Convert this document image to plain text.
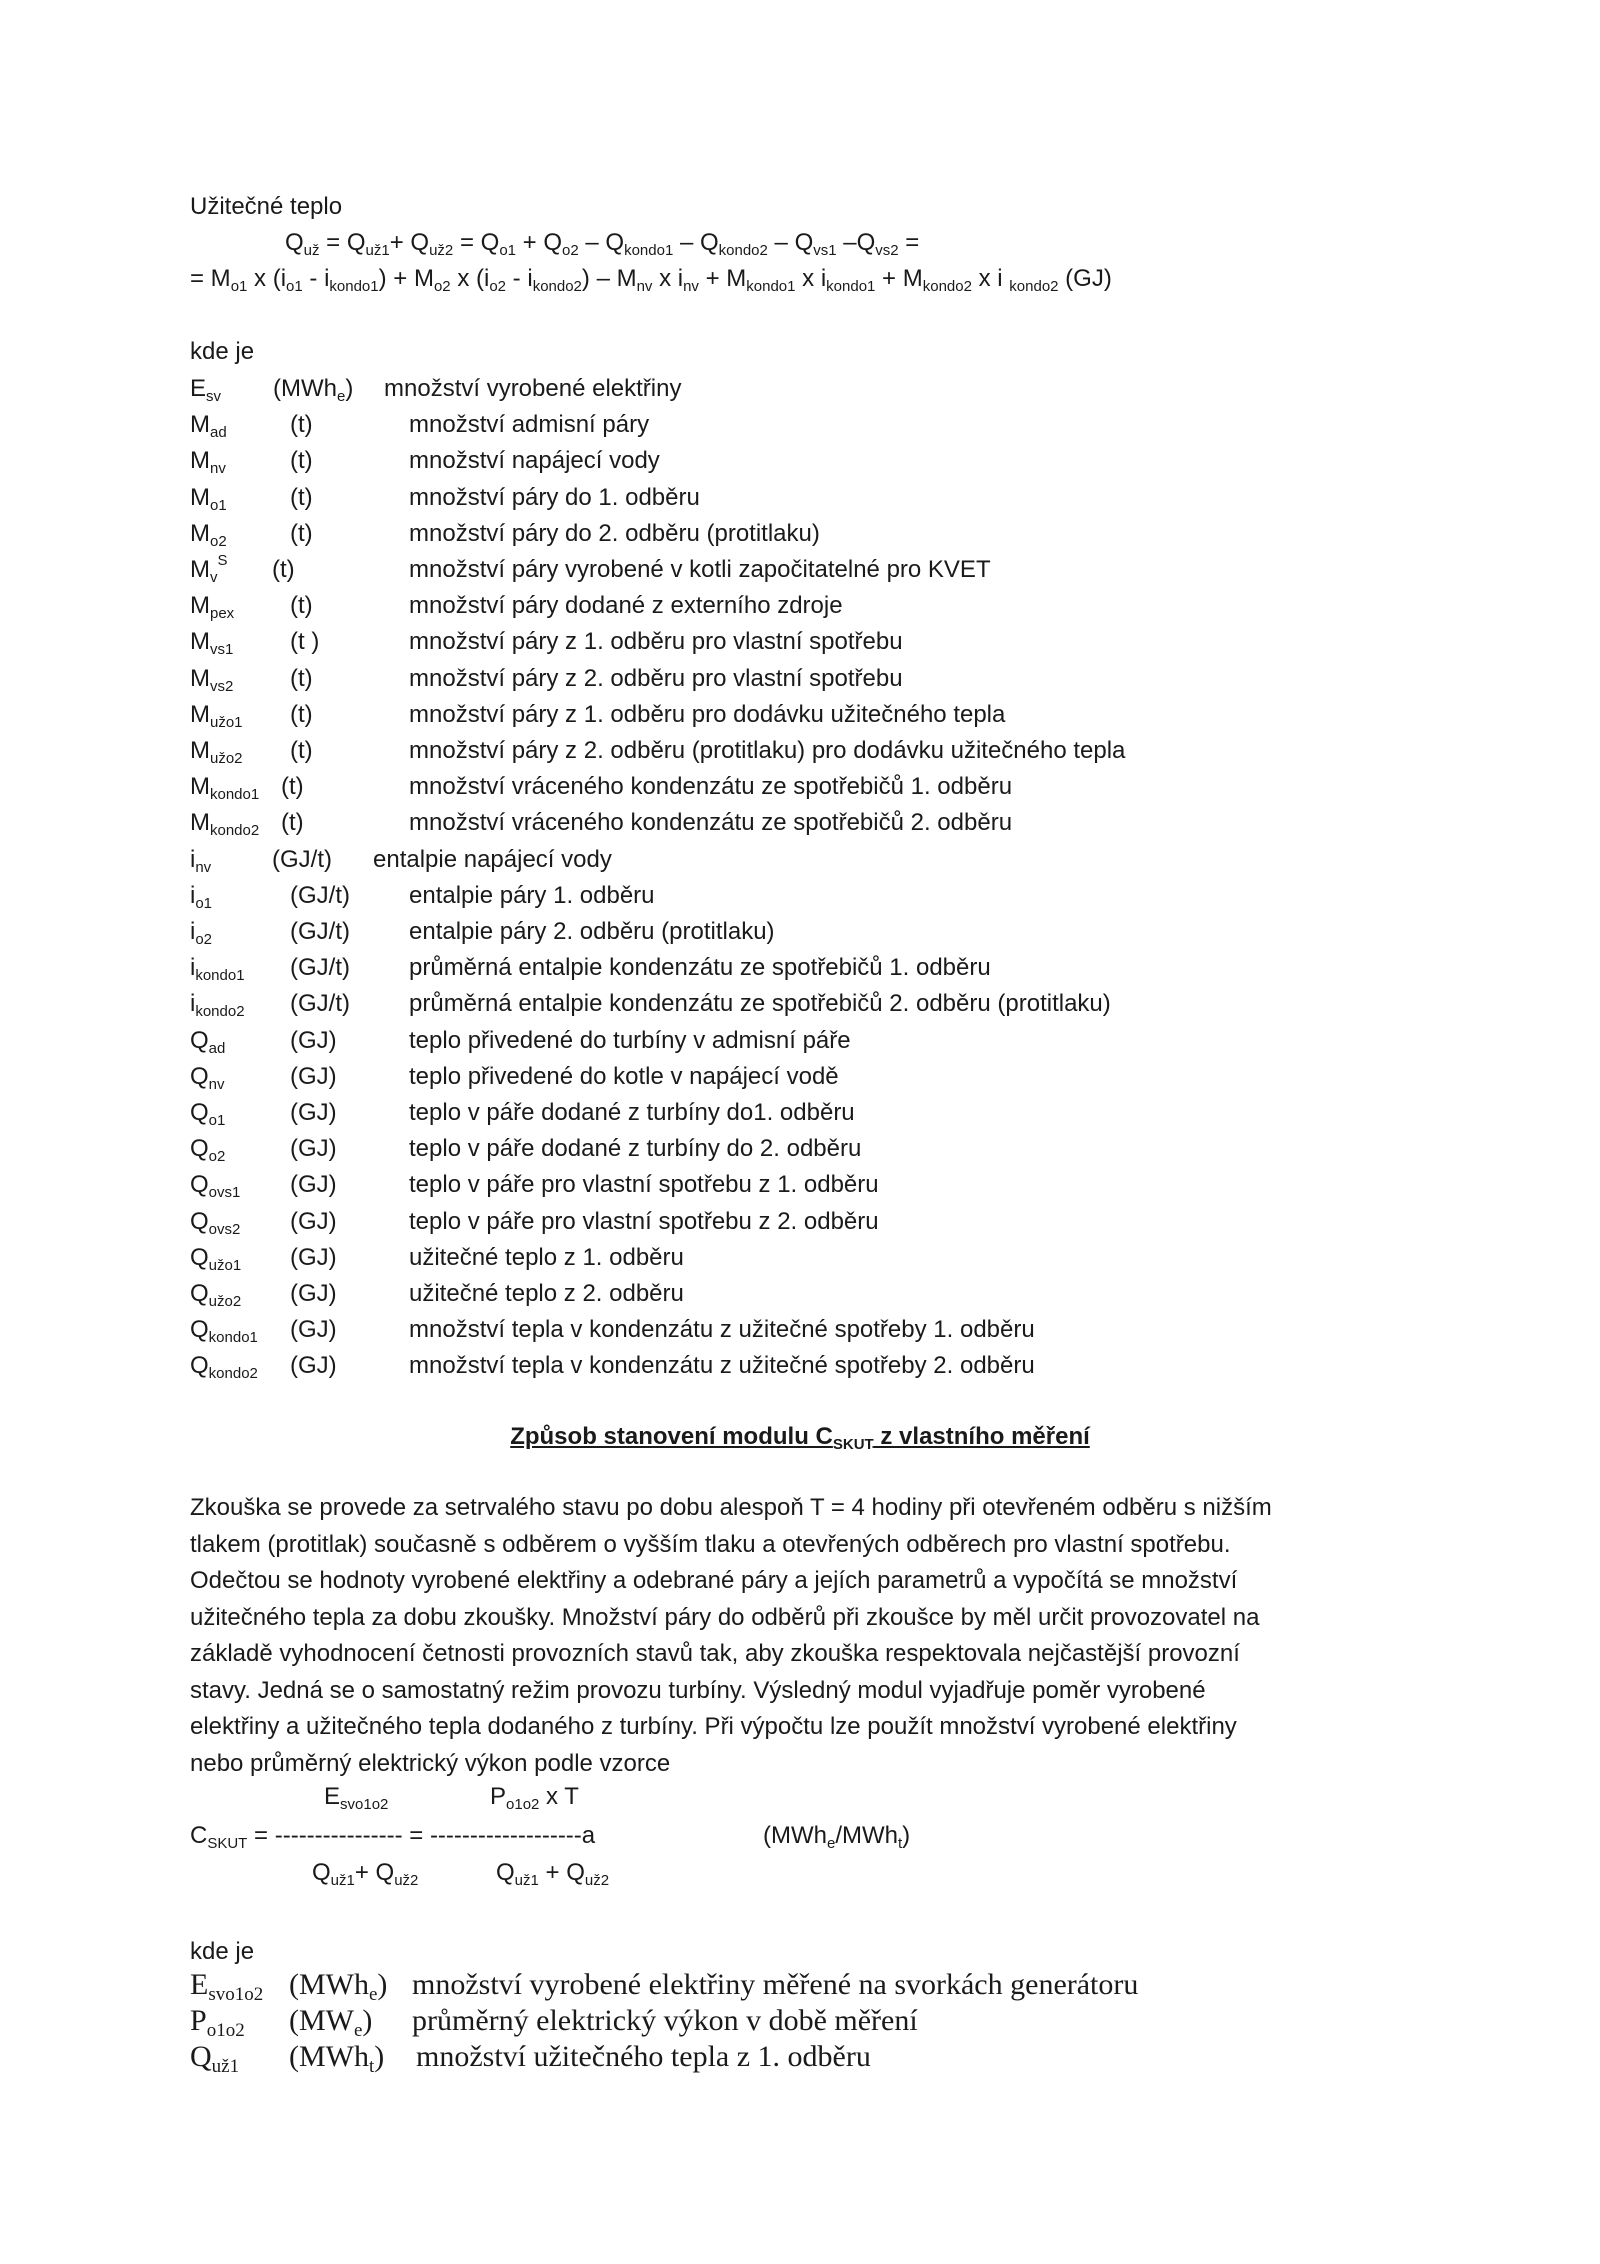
Užitečné teplo
$Q_{už} = Q_{už1}+ Q_{už2} = Q_{o1} + Q_{o2} - Q_{kondo1} - Q_{kondo2} - Q_{vs1}$ $-Q_{vs2}$ =
= $M_{o1}$ x $(i_{o1} - i_{kondo1}) + M_{o2}$ x $(i_{o2} - i_{kondo2}) - M_{nv}$ x $i_{nv} + M_{kondo1}$ x $i_{kondo1} + M_{kondo2}$ x i $_{kondo2}$ (GJ)
kde je
$E_{sv}$ (MWh$_e$) množství vyrobené elektřiny
$M_{ad}$	(t)	množství admisní páry
$M_{nv}$	(t)	množství napájecí vody
$M_{o1}$	(t)	množství páry do 1. odběru
$M_{o2}$	(t)	množství páry do 2. odběru (protitlaku)
$M_v^S$ (t)	množství páry vyrobené v kotli započitatelné pro KVET
$M_{pex}$ (t)	množství páry dodané z externího zdroje
$M_{vs1}$ (t )	množství páry z 1. odběru pro vlastní spotřebu
$M_{vs2}$ (t)	množství páry z 2. odběru pro vlastní spotřebu
$M_{užo1}$ (t)	množství páry z 1. odběru pro dodávku užitečného tepla
$M_{užo2}$ (t)	množství páry z 2. odběru (protitlaku) pro dodávku užitečného tepla
$M_{kondo1}$ (t)	množství vráceného kondenzátu ze spotřebičů 1. odběru
$M_{kondo2}$ (t)	množství vráceného kondenzátu ze spotřebičů 2. odběru
$i_{nv}$	(GJ/t) entalpie napájecí vody
$i_{o1}$	(GJ/t) entalpie páry 1. odběru
$i_{o2}$	(GJ/t) entalpie páry 2. odběru (protitlaku)
$i_{kondo1}$ (GJ/t) průměrná entalpie kondenzátu ze spotřebičů 1. odběru
$i_{kondo2}$ (GJ/t) průměrná entalpie kondenzátu ze spotřebičů 2. odběru (protitlaku)
$Q_{ad}$	(GJ)	teplo přivedené do turbíny v admisní páře
$Q_{nv}$	(GJ)	teplo přivedené do kotle v napájecí vodě
$Q_{o1}$	(GJ)	teplo v páře dodané z turbíny do1. odběru
$Q_{o2}$	(GJ)	teplo v páře dodané z turbíny do 2. odběru
$Q_{ovs1}$ (GJ)	teplo v páře pro vlastní spotřebu z 1. odběru
$Q_{ovs2}$ (GJ)	teplo v páře pro vlastní spotřebu z 2. odběru
$Q_{užo1}$ (GJ)	užitečné teplo z 1. odběru
$Q_{užo2}$ (GJ)	užitečné teplo z 2. odběru
$Q_{kondo1}$ (GJ)	množství tepla v kondenzátu z užitečné spotřeby 1. odběru
$Q_{kondo2}$ (GJ)	množství tepla v kondenzátu z užitečné spotřeby 2. odběru
Způsob stanovení modulu $C_{SKUT}$ z vlastního měření
Zkouška se provede za setrvalého stavu po dobu alespoň T = 4 hodiny při otevřeném odběru s nižším
tlakem (protitlak) současně s odběrem o vyšším tlaku a otevřených odběrech pro vlastní spotřebu.
Odečtou se hodnoty vyrobené elektřiny a odebrané páry a jejích parametrů a vypočítá se množství
užitečného tepla za dobu zkoušky. Množství páry do odběrů při zkoušce by měl určit provozovatel na
základě vyhodnocení četnosti provozních stavů tak, aby zkouška respektovala nejčastější provozní
stavy. Jedná se o samostatný režim provozu turbíny. Výsledný modul vyjadřuje poměr vyrobené
elektřiny a užitečného tepla dodaného z turbíny. Při výpočtu lze použít množství vyrobené elektřiny
nebo průměrný elektrický výkon podle vzorce
$E_{svo1o2}$	$P_{o1o2}$ x T
$C_{SKUT}$ = ---------------- = -------------------a	(MWh$_e$/MWh$_t$)
$Q_{už1}+ Q_{už2}$	$Q_{už1} + Q_{už2}$
kde je
$E_{svo1o2}$ (MWh$_e$) množství vyrobené elektřiny měřené na svorkách generátoru
$P_{o1o2}$ $(MW_e)$ průměrný elektrický výkon v době měření
$Q_{už1}$ (MWh$_t$) množství užitečného tepla z 1. odběru
